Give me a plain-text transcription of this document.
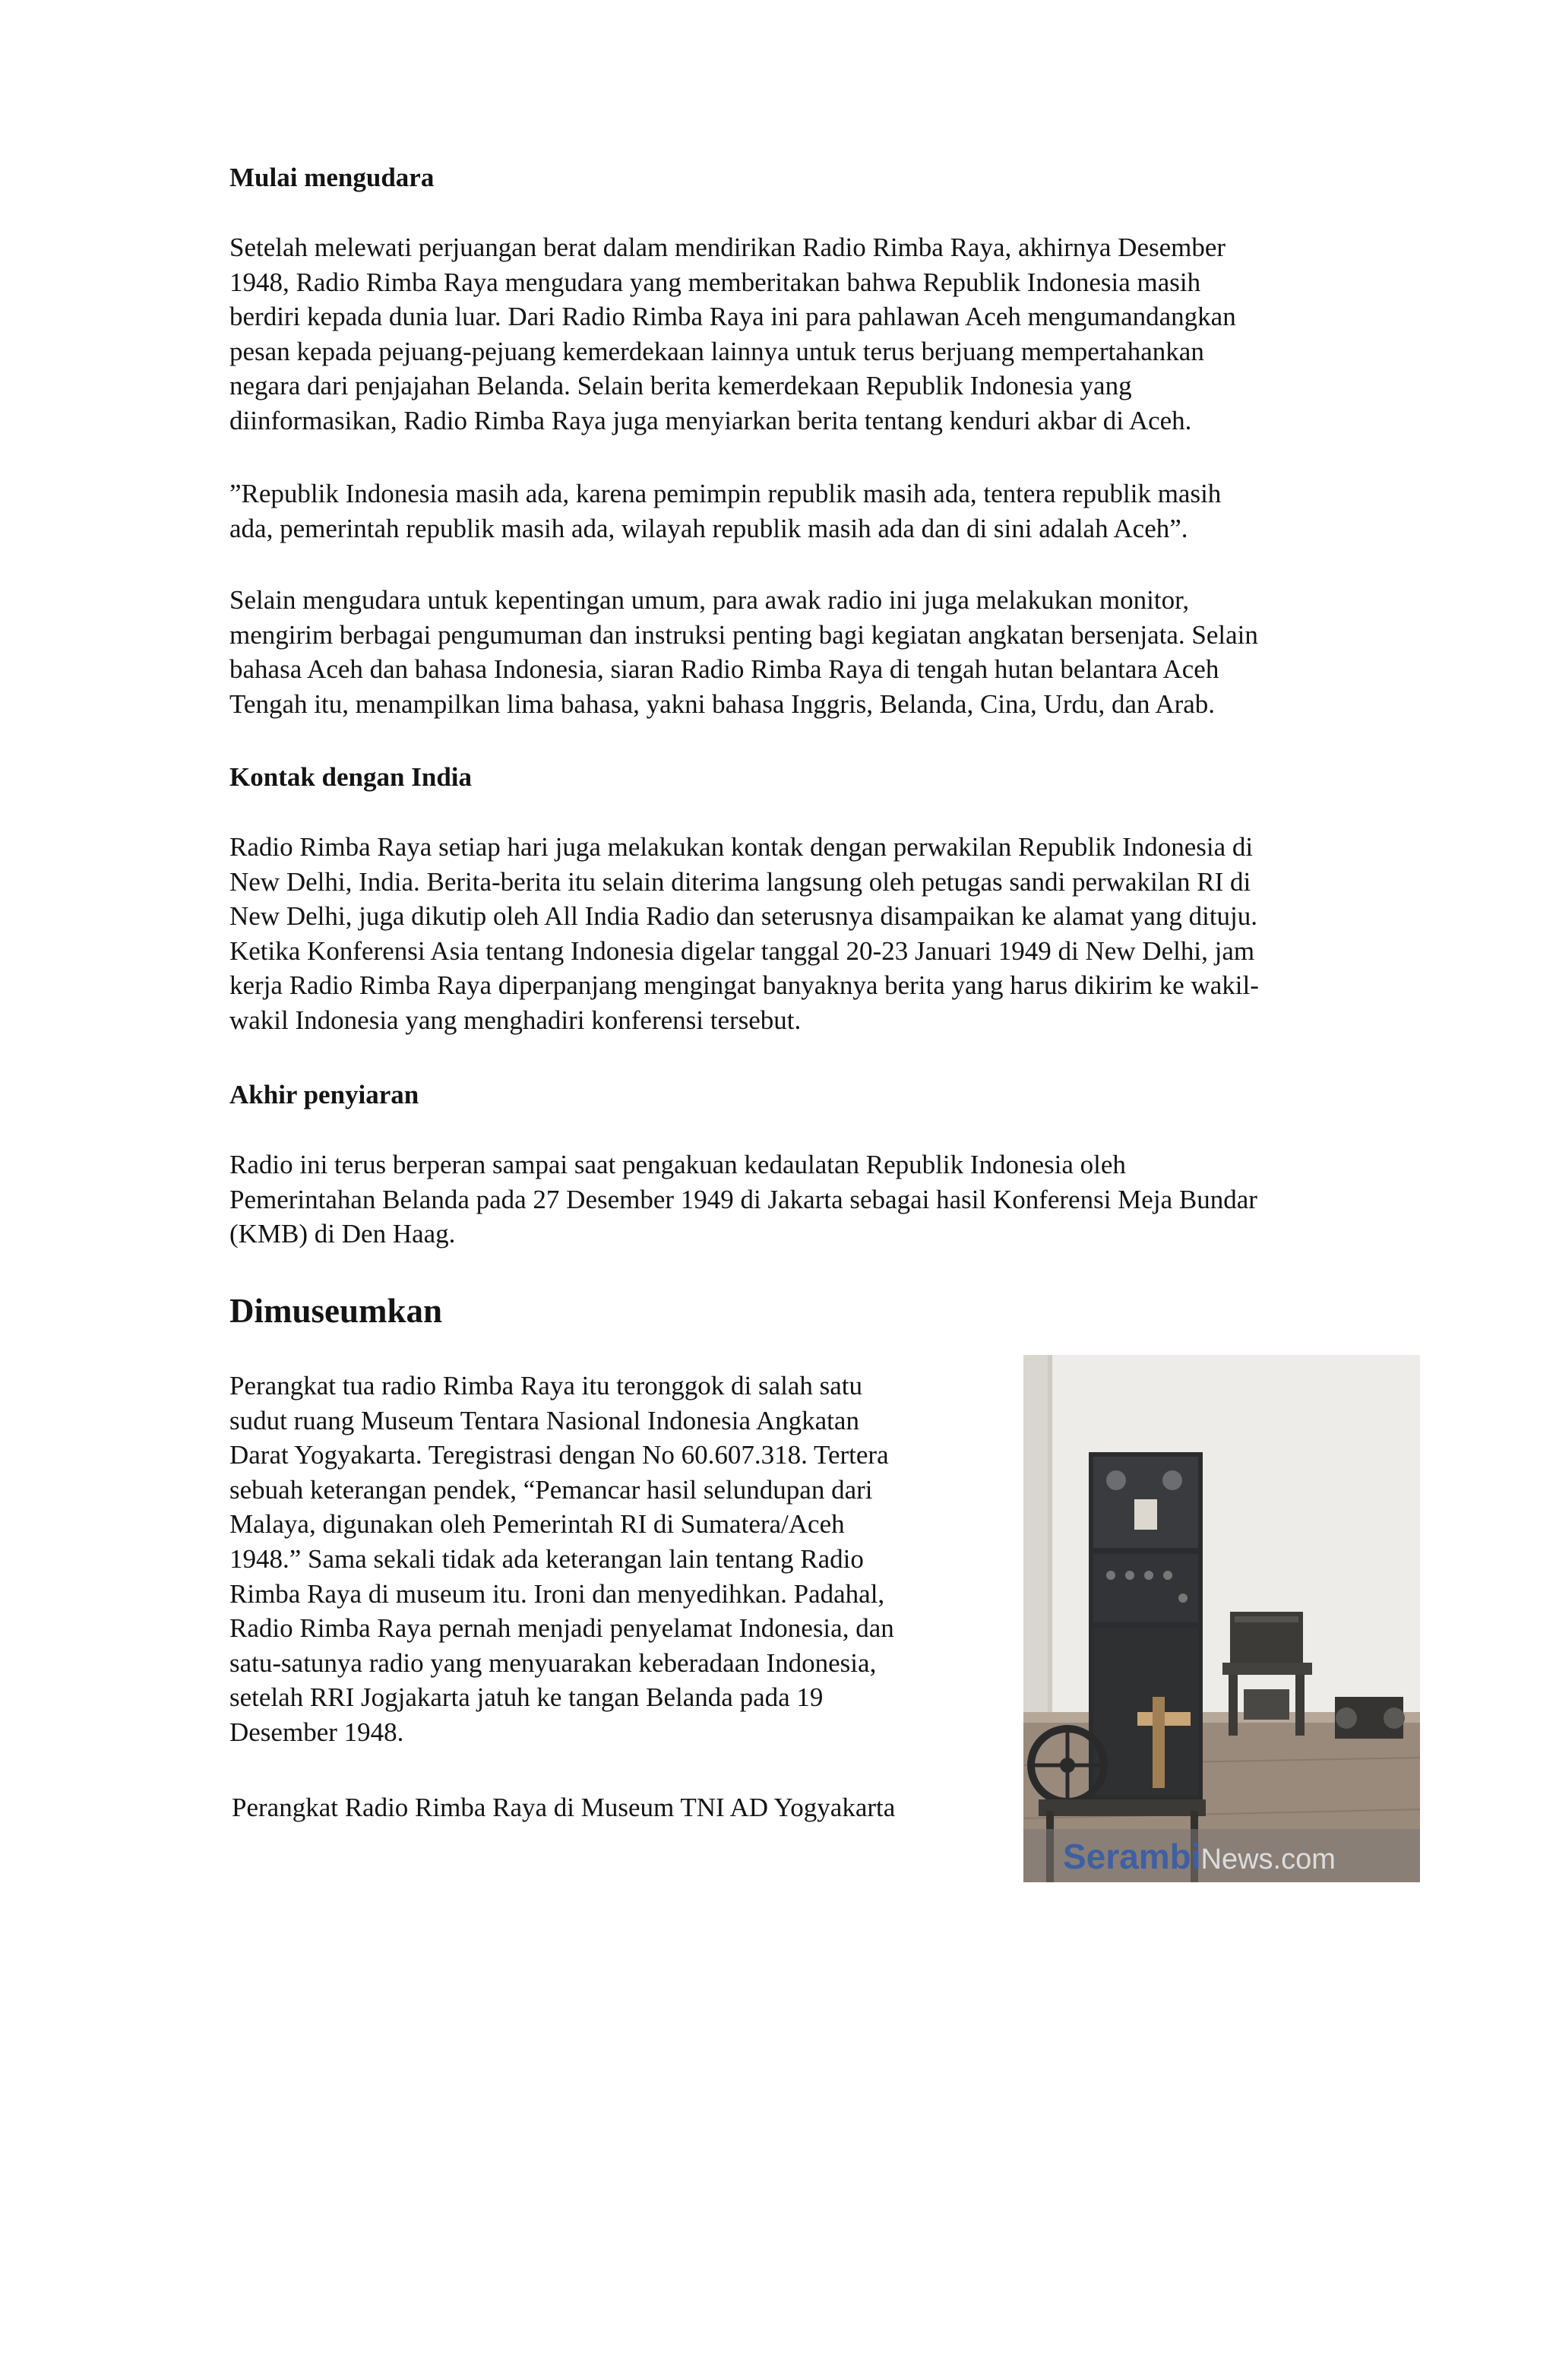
Mulai mengudara
Setelah melewati perjuangan berat dalam mendirikan Radio Rimba Raya, akhirnya Desember
1948, Radio Rimba Raya mengudara yang memberitakan bahwa Republik Indonesia masih
berdiri kepada dunia luar. Dari Radio Rimba Raya ini para pahlawan Aceh mengumandangkan
pesan kepada pejuang-pejuang kemerdekaan lainnya untuk terus berjuang mempertahankan
negara dari penjajahan Belanda. Selain berita kemerdekaan Republik Indonesia yang
diinformasikan, Radio Rimba Raya juga menyiarkan berita tentang kenduri akbar di Aceh.
”Republik Indonesia masih ada, karena pemimpin republik masih ada, tentera republik masih
ada, pemerintah republik masih ada, wilayah republik masih ada dan di sini adalah Aceh”.
Selain mengudara untuk kepentingan umum, para awak radio ini juga melakukan monitor,
mengirim berbagai pengumuman dan instruksi penting bagi kegiatan angkatan bersenjata. Selain
bahasa Aceh dan bahasa Indonesia, siaran Radio Rimba Raya di tengah hutan belantara Aceh
Tengah itu, menampilkan lima bahasa, yakni bahasa Inggris, Belanda, Cina, Urdu, dan Arab.
Kontak dengan India
Radio Rimba Raya setiap hari juga melakukan kontak dengan perwakilan Republik Indonesia di
New Delhi, India. Berita-berita itu selain diterima langsung oleh petugas sandi perwakilan RI di
New Delhi, juga dikutip oleh All India Radio dan seterusnya disampaikan ke alamat yang dituju.
Ketika Konferensi Asia tentang Indonesia digelar tanggal 20-23 Januari 1949 di New Delhi, jam
kerja Radio Rimba Raya diperpanjang mengingat banyaknya berita yang harus dikirim ke wakil-
wakil Indonesia yang menghadiri konferensi tersebut.
Akhir penyiaran
Radio ini terus berperan sampai saat pengakuan kedaulatan Republik Indonesia oleh
Pemerintahan Belanda pada 27 Desember 1949 di Jakarta sebagai hasil Konferensi Meja Bundar
(KMB) di Den Haag.
Dimuseumkan
Perangkat tua radio Rimba Raya itu teronggok di salah satu
sudut ruang Museum Tentara Nasional Indonesia Angkatan
Darat Yogyakarta. Teregistrasi dengan No 60.607.318. Tertera
sebuah keterangan pendek, “Pemancar hasil selundupan dari
Malaya, digunakan oleh Pemerintah RI di Sumatera/Aceh
1948.” Sama sekali tidak ada keterangan lain tentang Radio
Rimba Raya di museum itu. Ironi dan menyedihkan. Padahal,
Radio Rimba Raya pernah menjadi penyelamat Indonesia, dan
satu-satunya radio yang menyuarakan keberadaan Indonesia,
setelah RRI Jogjakarta jatuh ke tangan Belanda pada 19
Desember 1948.
Perangkat Radio Rimba Raya di Museum TNI AD Yogyakarta
SerambiNews.com
